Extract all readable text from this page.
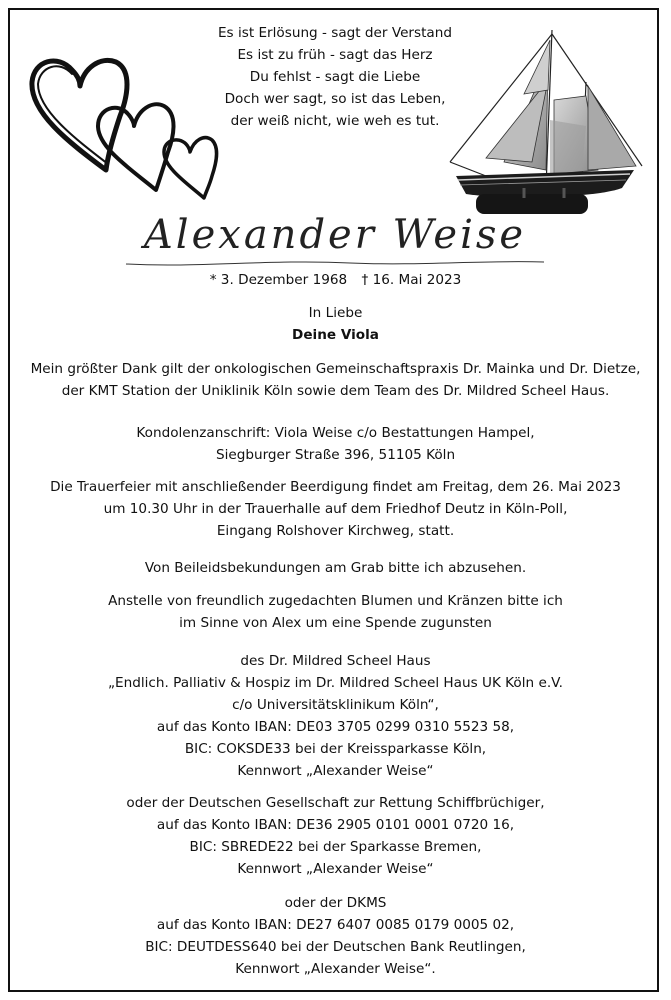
Es ist Erlösung - sagt der Verstand
Es ist zu früh - sagt das Herz
Du fehlst - sagt die Liebe
Doch wer sagt, so ist das Leben,
der weiß nicht, wie weh es tut.
Alexander Weise
* 3. Dezember 1968 † 16. Mai 2023
In Liebe
Deine Viola
Mein größter Dank gilt der onkologischen Gemeinschaftspraxis Dr. Mainka und Dr. Dietze,
der KMT Station der Uniklinik Köln sowie dem Team des Dr. Mildred Scheel Haus.
Kondolenzanschrift: Viola Weise c/o Bestattungen Hampel,
Siegburger Straße 396, 51105 Köln
Die Trauerfeier mit anschließender Beerdigung findet am Freitag, dem 26. Mai 2023
um 10.30 Uhr in der Trauerhalle auf dem Friedhof Deutz in Köln-Poll,
Eingang Rolshover Kirchweg, statt.
Von Beileidsbekundungen am Grab bitte ich abzusehen.
Anstelle von freundlich zugedachten Blumen und Kränzen bitte ich
im Sinne von Alex um eine Spende zugunsten
des Dr. Mildred Scheel Haus
„Endlich. Palliativ & Hospiz im Dr. Mildred Scheel Haus UK Köln e.V.
c/o Universitätsklinikum Köln“,
auf das Konto IBAN: DE03 3705 0299 0310 5523 58,
BIC: COKSDE33 bei der Kreissparkasse Köln,
Kennwort „Alexander Weise“
oder der Deutschen Gesellschaft zur Rettung Schiffbrüchiger,
auf das Konto IBAN: DE36 2905 0101 0001 0720 16,
BIC: SBREDE22 bei der Sparkasse Bremen,
Kennwort „Alexander Weise“
oder der DKMS
auf das Konto IBAN: DE27 6407 0085 0179 0005 02,
BIC: DEUTDESS640 bei der Deutschen Bank Reutlingen,
Kennwort „Alexander Weise“.
